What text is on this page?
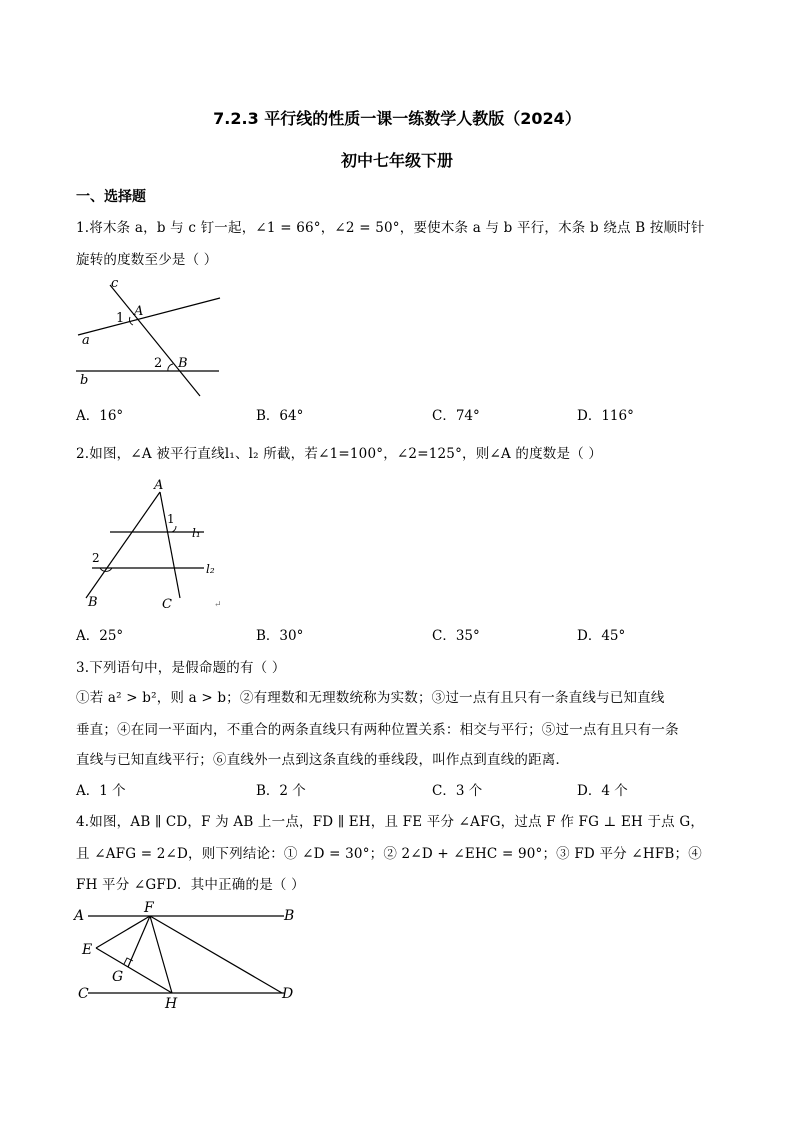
7.2.3 平行线的性质一课一练数学人教版（2024）
初中七年级下册
一、选择题
1.将木条 a，b 与 c 钉一起，∠1 = 66°，∠2 = 50°，要使木条 a 与 b 平行，木条 b 绕点 B 按顺时针
旋转的度数至少是（ ）
c
A
1
a
2 B
b
A．16°	B．64°	C．74°	D．116°
2.如图，∠A 被平行直线l₁、l₂ 所截，若∠1=100°，∠2=125°，则∠A 的度数是（ ）
A
1
l₁
2
l₂
B	C	↵
A．25°	B．30°	C．35°	D．45°
3.下列语句中，是假命题的有（ ）
①若 a² > b²，则 a > b；②有理数和无理数统称为实数；③过一点有且只有一条直线与已知直线
垂直；④在同一平面内，不重合的两条直线只有两种位置关系：相交与平行；⑤过一点有且只有一条
直线与已知直线平行；⑥直线外一点到这条直线的垂线段，叫作点到直线的距离．
A．1 个	B．2 个	C．3 个	D．4 个
4.如图，AB ∥ CD，F 为 AB 上一点，FD ∥ EH，且 FE 平分 ∠AFG，过点 F 作 FG ⊥ EH 于点 G，
且 ∠AFG = 2∠D，则下列结论：① ∠D = 30°；② 2∠D + ∠EHC = 90°；③ FD 平分 ∠HFB；④
FH 平分 ∠GFD．其中正确的是（ ）
A	F	B
E
G
C
H
D
